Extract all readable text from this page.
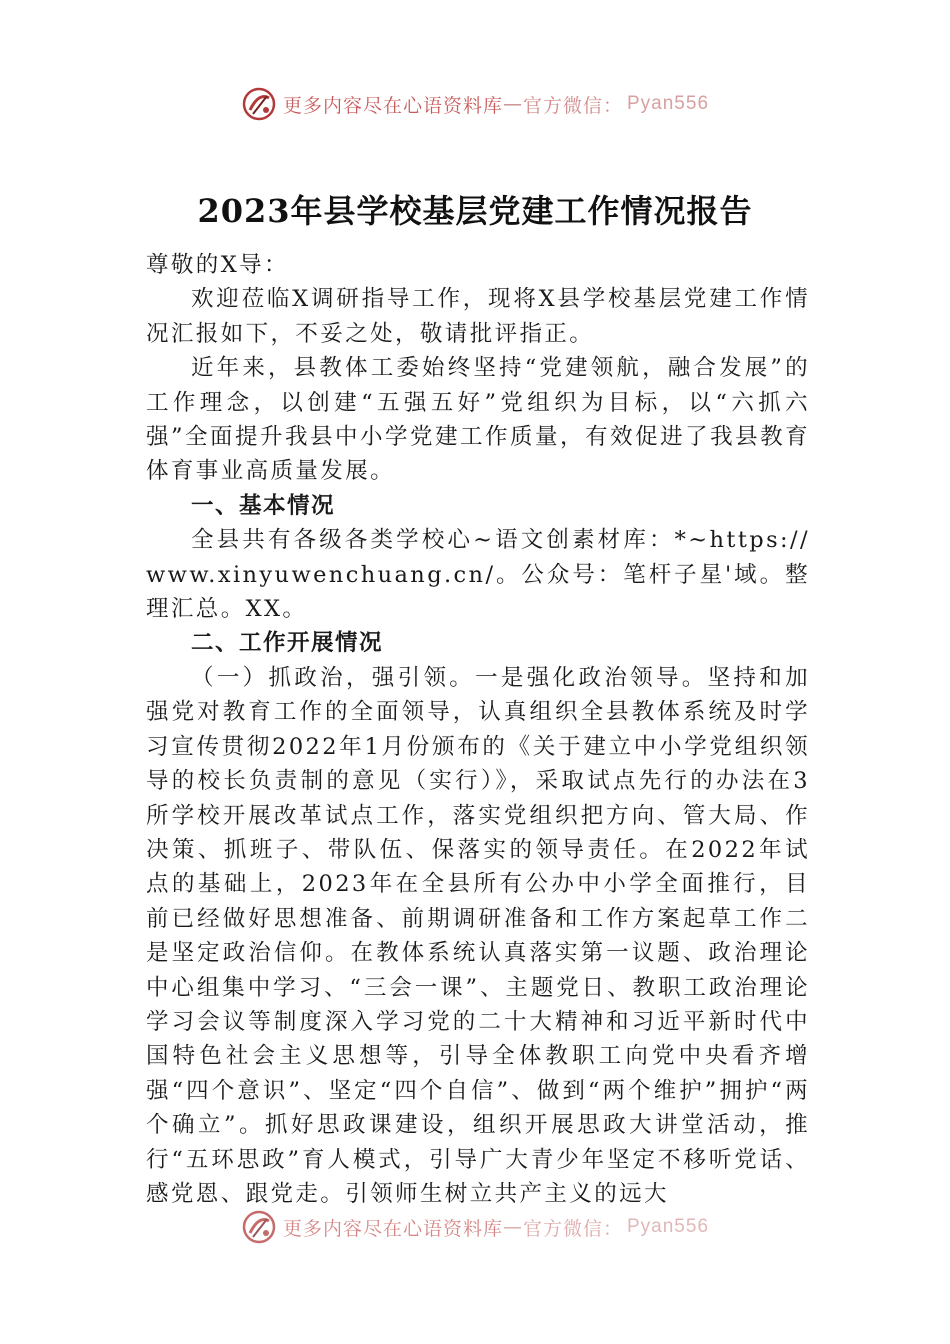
更多内容尽在心语资料库 — 官方微信： Pyan556
2023年县学校基层党建工作情况报告

尊敬的X导：

欢迎莅临X调研指导工作，现将X县学校基层党建工作情况汇报如下，不妥之处，敬请批评指正。

近年来，县教体工委始终坚持“党建领航，融合发展”的工作理念，以创建“五强五好”党组织为目标，以“六抓六强”全面提升我县中小学党建工作质量，有效促进了我县教育体育事业高质量发展。

一、基本情况

全县共有各级各类学校心~语文创素材库：*~https://www.xinyuwenchuang.cn/。公众号：笔杆子星'域。整理汇总。XX。

二、工作开展情况

（一）抓政治，强引领。一是强化政治领导。坚持和加强党对教育工作的全面领导，认真组织全县教体系统及时学习宣传贯彻2022年1月份颁布的《关于建立中小学党组织领导的校长负责制的意见（实行）》，采取试点先行的办法在3所学校开展改革试点工作，落实党组织把方向、管大局、作决策、抓班子、带队伍、保落实的领导责任。在2022年试点的基础上，2023年在全县所有公办中小学全面推行，目前已经做好思想准备、前期调研准备和工作方案起草工作二是坚定政治信仰。在教体系统认真落实第一议题、政治理论中心组集中学习、“三会一课”、主题党日、教职工政治理论学习会议等制度深入学习党的二十大精神和习近平新时代中国特色社会主义思想等，引导全体教职工向党中央看齐增强“四个意识”、坚定“四个自信”、做到“两个维护”拥护“两个确立”。抓好思政课建设，组织开展思政大讲堂活动，推行“五环思政”育人模式，引导广大青少年坚定不移听党话、感党恩、跟党走。引领师生树立共产主义的远大

更多内容尽在心语资料库 — 官方微信： Pyan556
